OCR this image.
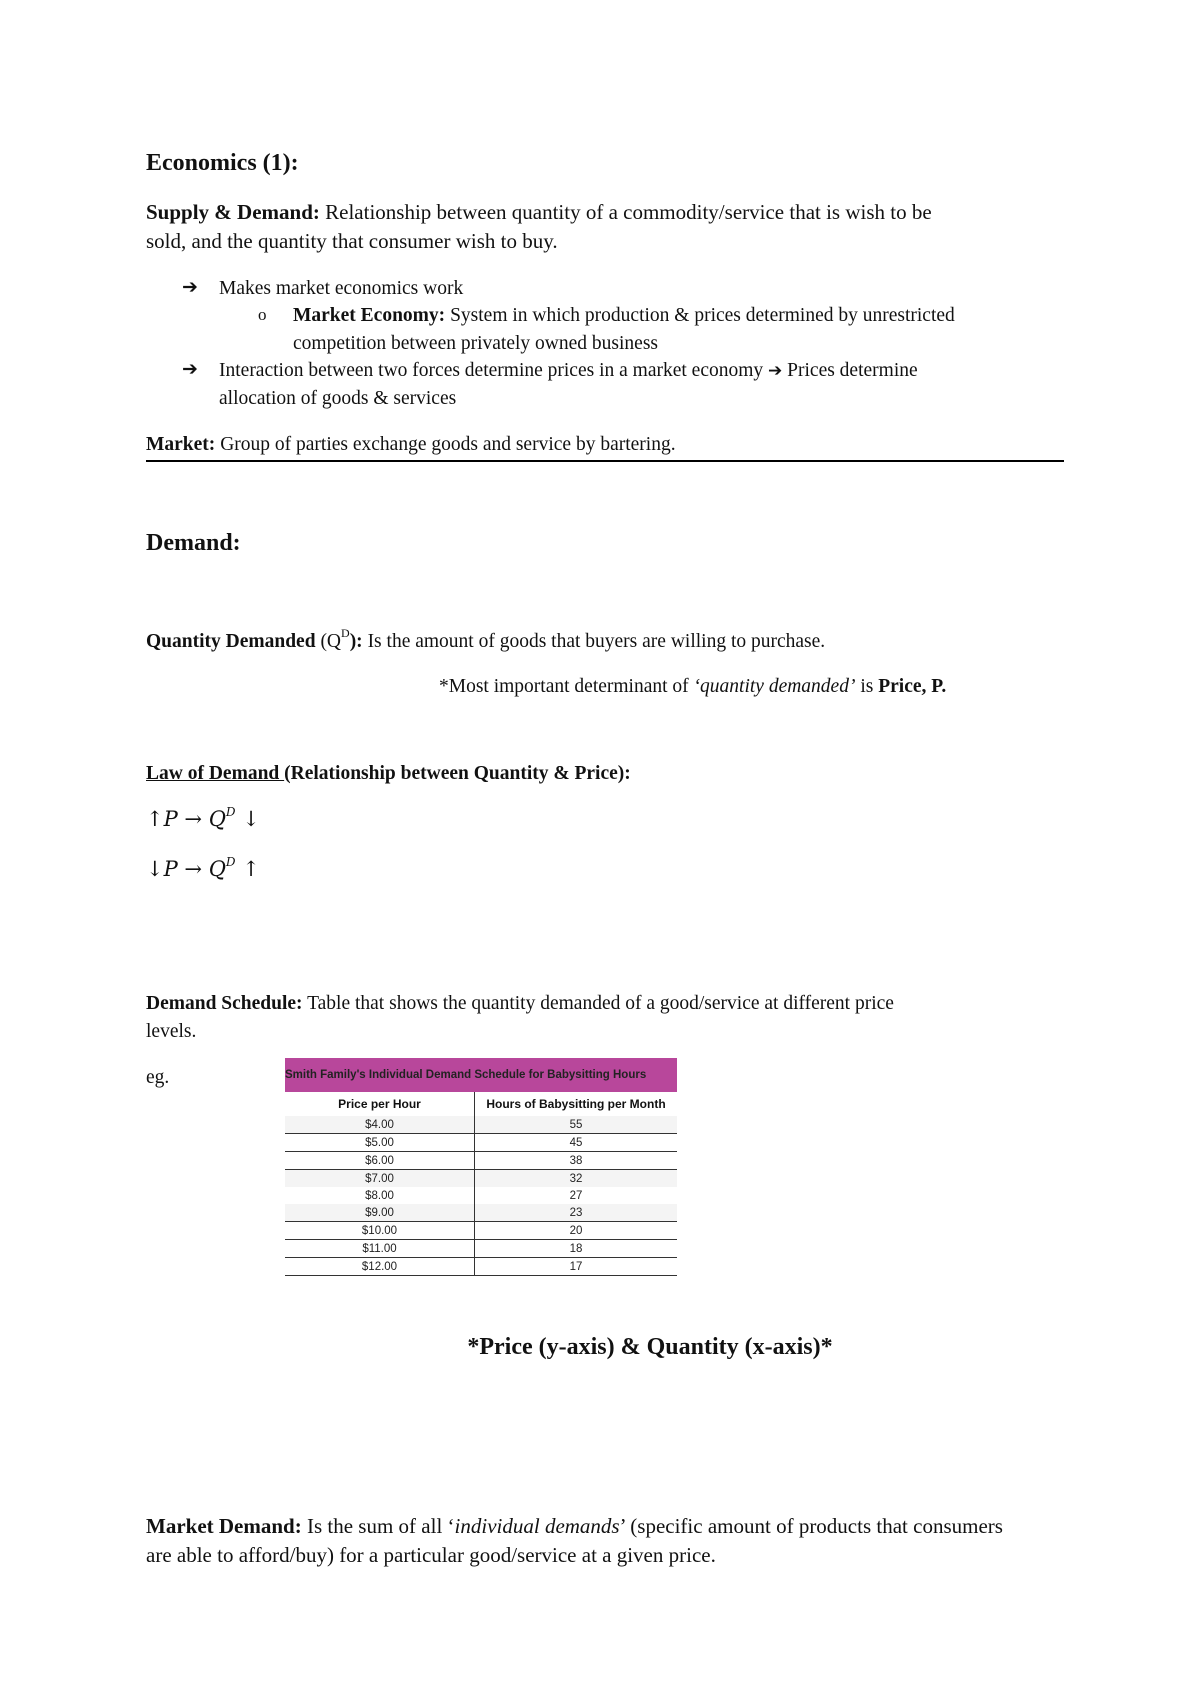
Economics (1):
Supply & Demand: Relationship between quantity of a commodity/service that is wish to be
sold, and the quantity that consumer wish to buy.
➔ Makes market economics work
o Market Economy: System in which production & prices determined by unrestricted
competition between privately owned business
➔ Interaction between two forces determine prices in a market economy ➔ Prices determine
allocation of goods & services
Market: Group of parties exchange goods and service by bartering.
Demand:
Quantity Demanded $(Q^D)$: Is the amount of goods that buyers are willing to purchase.
*Most important determinant of ‘quantity demanded’ is Price, P.
Law of Demand (Relationship between Quantity & Price):
↑P → $Q^D$ ↓
↓P → $Q^D$ ↑
Demand Schedule: Table that shows the quantity demanded of a good/service at different price
levels.
eg.	Smith Family's Individual Demand Schedule for Babysitting Hours	
Price per Hour	Hours of Babysitting per Month
$4.00	55
$5.00	45
$6.00	38
$7.00	32
$8.00	27
$9.00	23
$10.00	20
$11.00	18
$12.00	17
*Price (y-axis) & Quantity (x-axis)*
Market Demand: Is the sum of all ‘individual demands’ (specific amount of products that consumers
are able to afford/buy) for a particular good/service at a given price.
